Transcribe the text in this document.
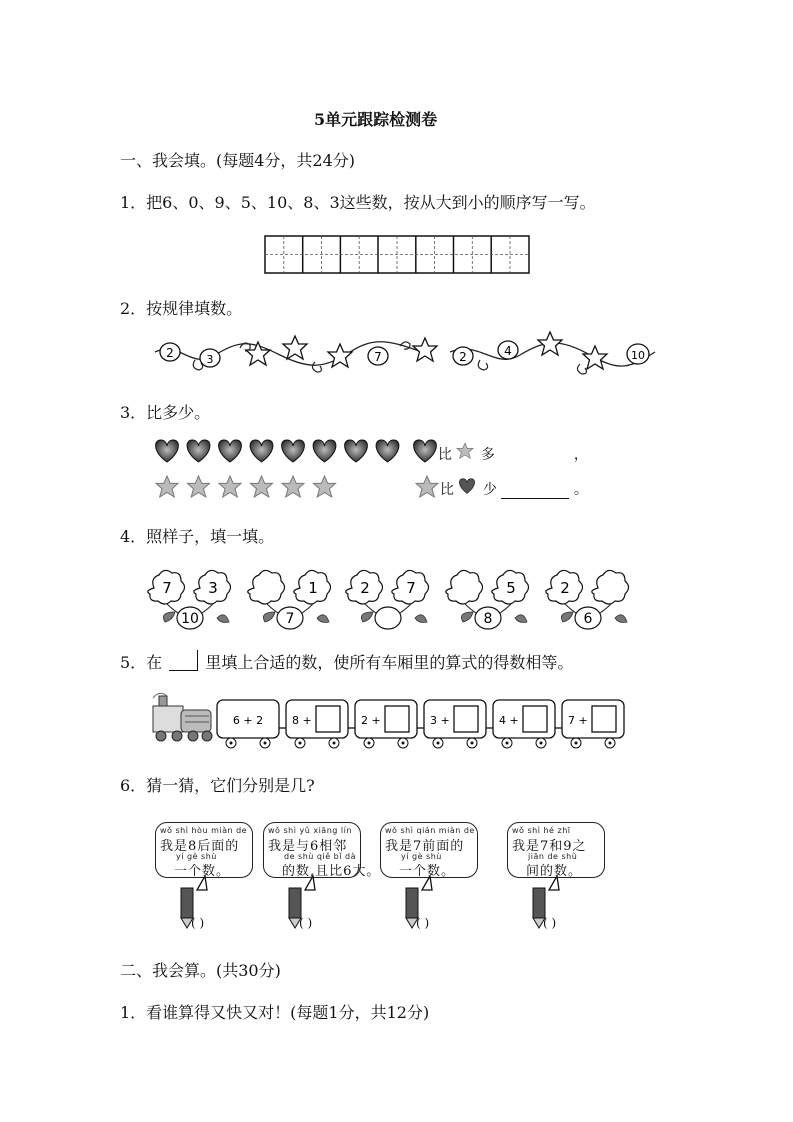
5单元跟踪检测卷
一、我会填。(每题4分，共24分)
1．把6、0、9、5、10、8、3这些数，按从大到小的顺序写一写。
2．按规律填数。
2	3	7	2	4	10
3．比多少。
比 多	，
比 少	。
4．照样子，填一填。
7 3
10
1
7
2 7	5
8
2
6
5．在	里填上合适的数，使所有车厢里的算式的得数相等。
6 + 2	8 +	2 +	3 +	4 +	7 +
6．猜一猜，它们分别是几?
wǒ shì hòu miàn de
我是8后面的
yí gè shù
一个数。
( )
wǒ shì yǔ xiāng lín
我是与6相邻
de shù qiě bǐ dà
的数,且比6大。
( )
wǒ shì qián miàn de
我是7前面的
yí gè shù
一个数。
( )
wǒ shì hé zhī
我是7和9之
jiān de shù
间的数。
( )
二、我会算。(共30分)
1．看谁算得又快又对！(每题1分，共12分)
